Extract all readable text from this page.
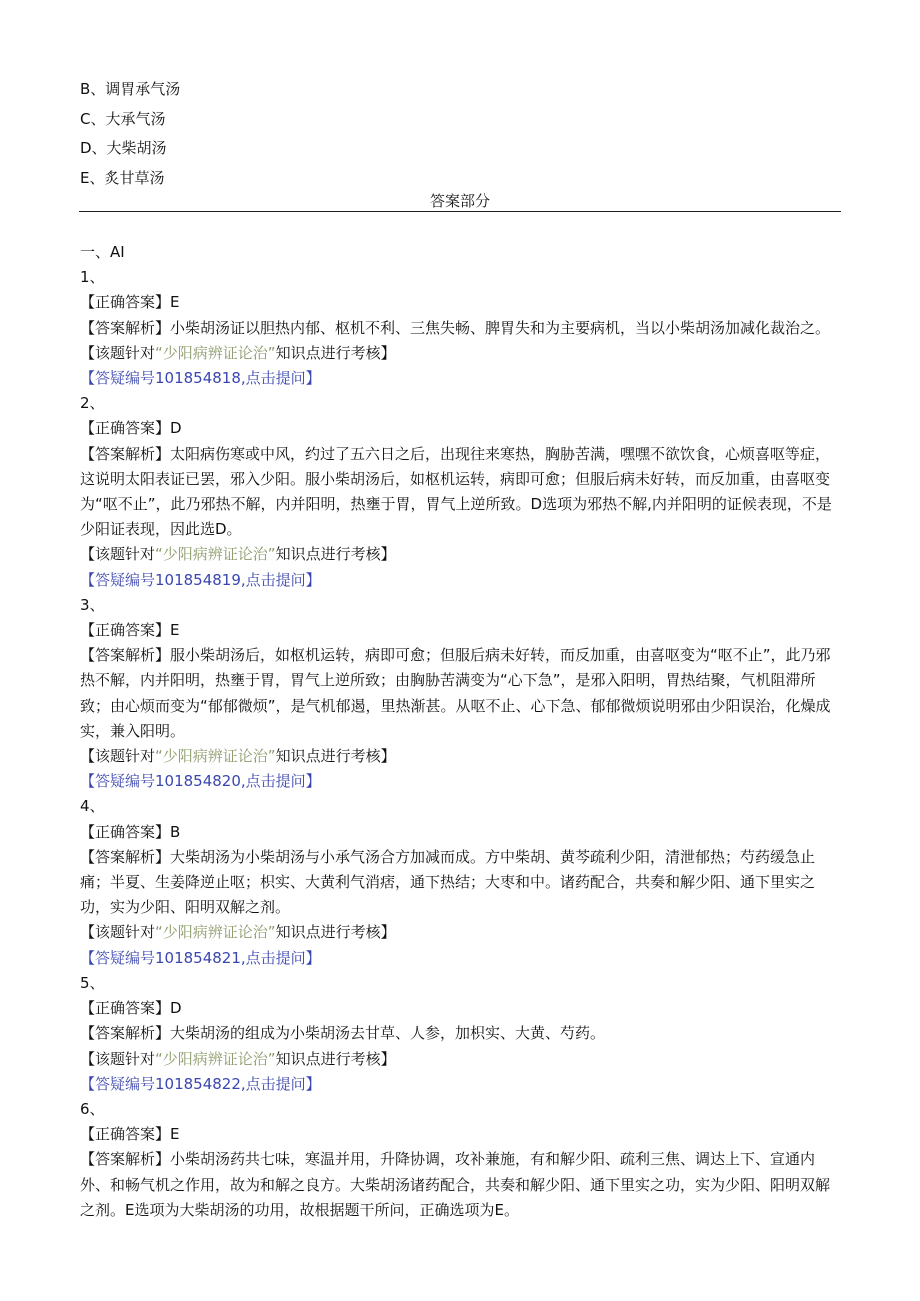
B、调胃承气汤
C、大承气汤
D、大柴胡汤
E、炙甘草汤
答案部分
一、AI
1、
【正确答案】E
【答案解析】小柴胡汤证以胆热内郁、枢机不利、三焦失畅、脾胃失和为主要病机，当以小柴胡汤加减化裁治之。
【该题针对“少阳病辨证论治”知识点进行考核】
【答疑编号101854818,点击提问】
2、
【正确答案】D
【答案解析】太阳病伤寒或中风，约过了五六日之后，出现往来寒热，胸胁苦满，嘿嘿不欲饮食，心烦喜呕等症，这说明太阳表证已罢，邪入少阳。服小柴胡汤后，如枢机运转，病即可愈；但服后病未好转，而反加重，由喜呕变为“呕不止”，此乃邪热不解，内并阳明，热壅于胃，胃气上逆所致。D选项为邪热不解,内并阳明的证候表现，不是少阳证表现，因此选D。
【该题针对“少阳病辨证论治”知识点进行考核】
【答疑编号101854819,点击提问】
3、
【正确答案】E
【答案解析】服小柴胡汤后，如枢机运转，病即可愈；但服后病未好转，而反加重，由喜呕变为“呕不止”，此乃邪热不解，内并阳明，热壅于胃，胃气上逆所致；由胸胁苦满变为“心下急”，是邪入阳明，胃热结聚，气机阻滞所致；由心烦而变为“郁郁微烦”，是气机郁遏，里热渐甚。从呕不止、心下急、郁郁微烦说明邪由少阳误治，化燥成实，兼入阳明。
【该题针对“少阳病辨证论治”知识点进行考核】
【答疑编号101854820,点击提问】
4、
【正确答案】B
【答案解析】大柴胡汤为小柴胡汤与小承气汤合方加减而成。方中柴胡、黄芩疏利少阳，清泄郁热；芍药缓急止痛；半夏、生姜降逆止呕；枳实、大黄利气消痞，通下热结；大枣和中。诸药配合，共奏和解少阳、通下里实之功，实为少阳、阳明双解之剂。
【该题针对“少阳病辨证论治”知识点进行考核】
【答疑编号101854821,点击提问】
5、
【正确答案】D
【答案解析】大柴胡汤的组成为小柴胡汤去甘草、人参，加枳实、大黄、芍药。
【该题针对“少阳病辨证论治”知识点进行考核】
【答疑编号101854822,点击提问】
6、
【正确答案】E
【答案解析】小柴胡汤药共七味，寒温并用，升降协调，攻补兼施，有和解少阳、疏利三焦、调达上下、宣通内外、和畅气机之作用，故为和解之良方。大柴胡汤诸药配合，共奏和解少阳、通下里实之功，实为少阳、阳明双解之剂。E选项为大柴胡汤的功用，故根据题干所问，正确选项为E。
